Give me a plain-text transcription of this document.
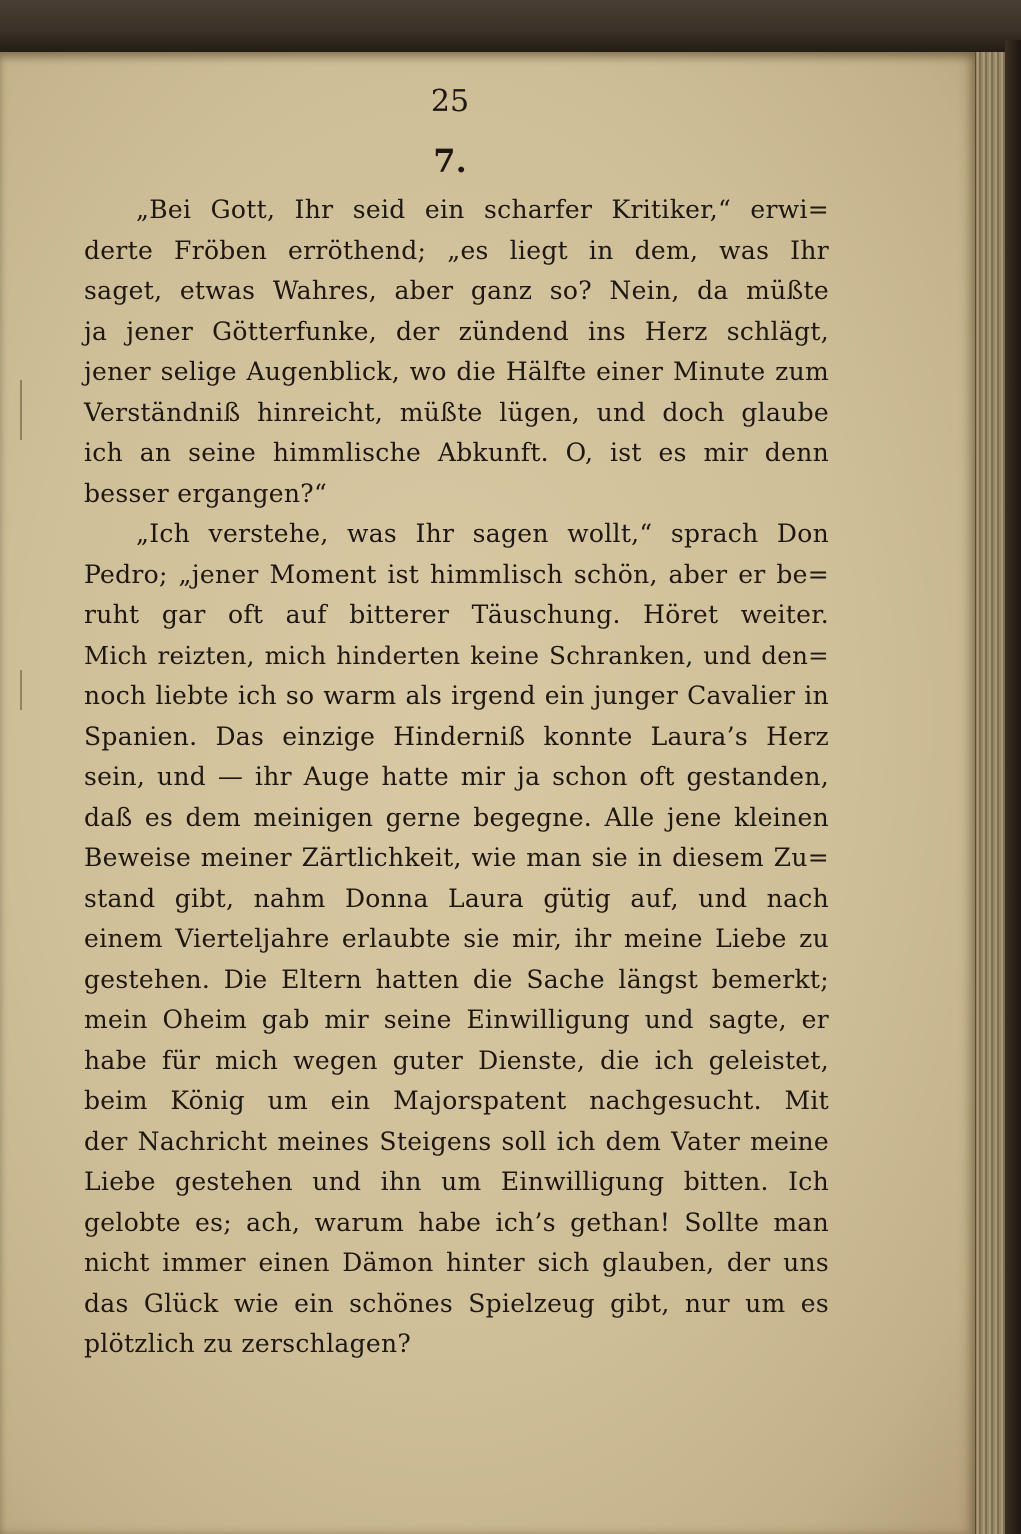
25
7.
„Bei Gott, Ihr seid ein scharfer Kritiker,“ erwi=
derte Fröben erröthend; „es liegt in dem, was Ihr
saget, etwas Wahres, aber ganz so? Nein, da müßte
ja jener Götterfunke, der zündend ins Herz schlägt,
jener selige Augenblick, wo die Hälfte einer Minute zum
Verständniß hinreicht, müßte lügen, und doch glaube
ich an seine himmlische Abkunft. O, ist es mir denn
besser ergangen?“
„Ich verstehe, was Ihr sagen wollt,“ sprach Don
Pedro; „jener Moment ist himmlisch schön, aber er be=
ruht gar oft auf bitterer Täuschung. Höret weiter.
Mich reizten, mich hinderten keine Schranken, und den=
noch liebte ich so warm als irgend ein junger Cavalier in
Spanien. Das einzige Hinderniß konnte Laura’s Herz
sein, und — ihr Auge hatte mir ja schon oft gestanden,
daß es dem meinigen gerne begegne. Alle jene kleinen
Beweise meiner Zärtlichkeit, wie man sie in diesem Zu=
stand gibt, nahm Donna Laura gütig auf, und nach
einem Vierteljahre erlaubte sie mir, ihr meine Liebe zu
gestehen. Die Eltern hatten die Sache längst bemerkt;
mein Oheim gab mir seine Einwilligung und sagte, er
habe für mich wegen guter Dienste, die ich geleistet,
beim König um ein Majorspatent nachgesucht. Mit
der Nachricht meines Steigens soll ich dem Vater meine
Liebe gestehen und ihn um Einwilligung bitten. Ich
gelobte es; ach, warum habe ich’s gethan! Sollte man
nicht immer einen Dämon hinter sich glauben, der uns
das Glück wie ein schönes Spielzeug gibt, nur um es
plötzlich zu zerschlagen?
